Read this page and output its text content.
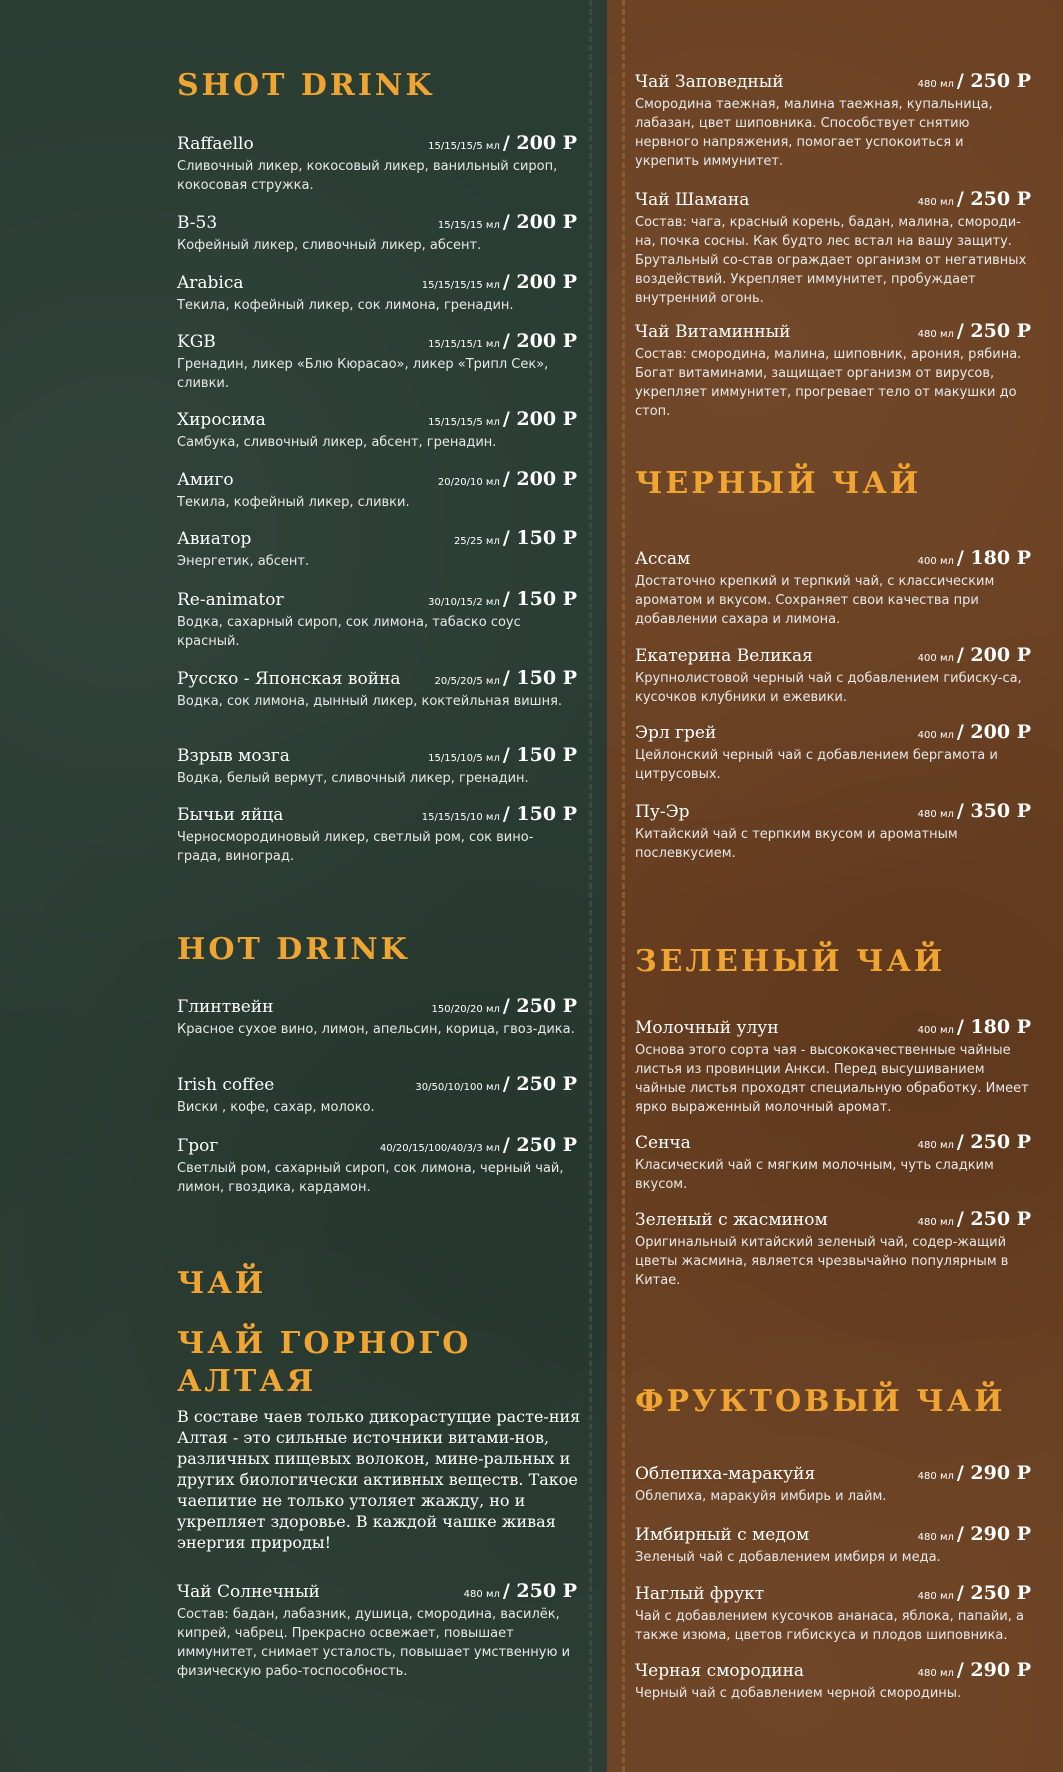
SHOT DRINK
Raffaello	15/15/15/5 мл / 200 Р
Сливочный ликер, кокосовый ликер, ванильный сироп, кокосовая стружка.
B-53	15/15/15 мл / 200 Р
Кофейный ликер, сливочный ликер, абсент.
Arabica	15/15/15/15 мл / 200 Р
Текила, кофейный ликер, сок лимона, гренадин.
KGB	15/15/15/1 мл / 200 Р
Гренадин, ликер «Блю Кюрасао», ликер «Трипл Сек», сливки.
Хиросима	15/15/15/5 мл / 200 Р
Самбука, сливочный ликер, абсент, гренадин.
Амиго	20/20/10 мл / 200 Р
Текила, кофейный ликер, сливки.
Авиатор	25/25 мл / 150 Р
Энергетик, абсент.
Re-animator	30/10/15/2 мл / 150 Р
Водка, сахарный сироп, сок лимона, табаско соус красный.
Русско - Японская война	20/5/20/5 мл / 150 Р
Водка, сок лимона, дынный ликер, коктейльная вишня.
Взрыв мозга	15/15/10/5 мл / 150 Р
Водка, белый вермут, сливочный ликер, гренадин.
Бычьи яйца	15/15/15/10 мл / 150 Р
Черносмородиновый ликер, светлый ром, сок вино-града, виноград.
HOT DRINK
Глинтвейн	150/20/20 мл / 250 Р
Красное сухое вино, лимон, апельсин, корица, гвоз-дика.
Irish coffee	30/50/10/100 мл / 250 Р
Виски , кофе, сахар, молоко.
Грог	40/20/15/100/40/3/3 мл / 250 Р
Светлый ром, сахарный сироп, сок лимона, черный чай, лимон, гвоздика, кардамон.
ЧАЙ
ЧАЙ ГОРНОГО
АЛТАЯ
В составе чаев только дикорастущие расте-ния Алтая - это сильные источники витами-нов, различных пищевых волокон, мине-ральных и других биологически активных веществ. Такое чаепитие не только утоляет жажду, но и укрепляет здоровье. В каждой чашке живая энергия природы!
Чай Солнечный	480 мл / 250 Р
Состав: бадан, лабазник, душица, смородина, василёк, кипрей, чабрец. Прекрасно освежает, повышает иммунитет, снимает усталость, повышает умственную и физическую рабо-тоспособность.
Чай Заповедный	480 мл / 250 Р
Смородина таежная, малина таежная, купальница, лабазан, цвет шиповника. Способствует снятию нервного напряжения, помогает успокоиться и укрепить иммунитет.
Чай Шамана	480 мл / 250 Р
Состав: чага, красный корень, бадан, малина, смороди-на, почка сосны. Как будто лес встал на вашу защиту. Брутальный со-став ограждает организм от негативных воздействий. Укрепляет иммунитет, пробуждает внутренний огонь.
Чай Витаминный	480 мл / 250 Р
Состав: смородина, малина, шиповник, арония, рябина. Богат витаминами, защищает организм от вирусов, укрепляет иммунитет, прогревает тело от макушки до стоп.
ЧЕРНЫЙ ЧАЙ
Ассам	400 мл / 180 Р
Достаточно крепкий и терпкий чай, с классическим ароматом и вкусом. Сохраняет свои качества при добавлении сахара и лимона.
Екатерина Великая	400 мл / 200 Р
Крупнолистовой черный чай с добавлением гибиску-са, кусочков клубники и ежевики.
Эрл грей	400 мл / 200 Р
Цейлонский черный чай с добавлением бергамота и цитрусовых.
Пу-Эр	480 мл / 350 Р
Китайский чай с терпким вкусом и ароматным послевкусием.
ЗЕЛЕНЫЙ ЧАЙ
Молочный улун	400 мл / 180 Р
Основа этого сорта чая - высококачественные чайные листья из провинции Анкси. Перед высушиванием чайные листья проходят специальную обработку. Имеет ярко выраженный молочный аромат.
Сенча	480 мл / 250 Р
Класический чай с мягким молочным, чуть сладким вкусом.
Зеленый с жасмином	480 мл / 250 Р
Оригинальный китайский зеленый чай, содер-жащий цветы жасмина, является чрезвычайно популярным в Китае.
ФРУКТОВЫЙ ЧАЙ
Облепиха-маракуйя	480 мл / 290 Р
Облепиха, маракуйя имбирь и лайм.
Имбирный с медом	480 мл / 290 Р
Зеленый чай с добавлением имбиря и меда.
Наглый фрукт	480 мл / 250 Р
Чай с добавлением кусочков ананаса, яблока, папайи, а также изюма, цветов гибискуса и плодов шиповника.
Черная смородина	480 мл / 290 Р
Черный чай с добавлением черной смородины.
